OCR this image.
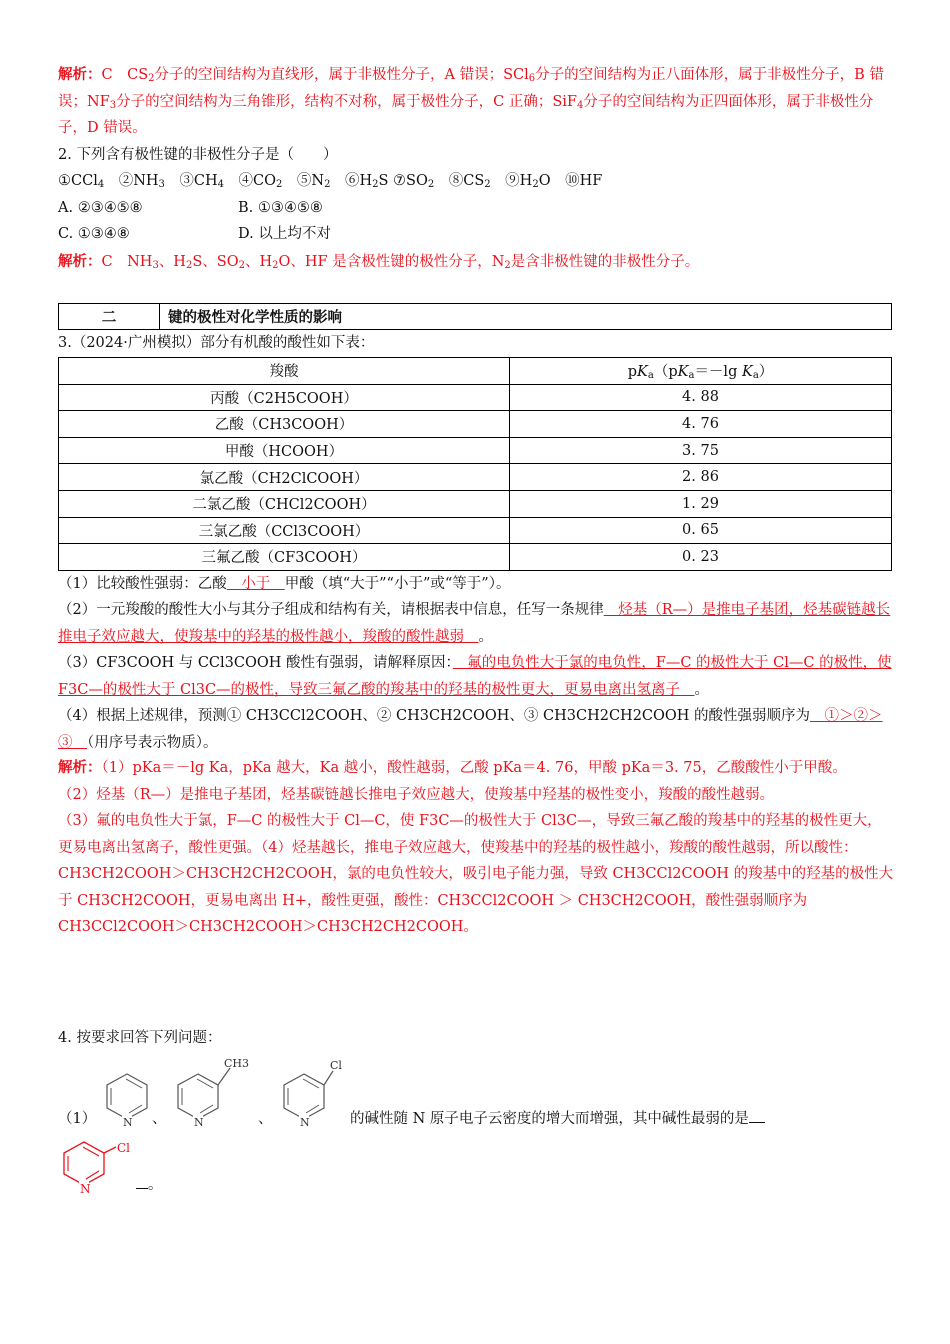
解析：C　$CS_2$分子的空间结构为直线形，属于非极性分子，A 错误；SCl$_6$分子的空间结构为正八面体形，属于非极性分子，B 错误；$NF_3$分子的空间结构为三角锥形，结构不对称，属于极性分子，C 正确；SiF$_4$分子的空间结构为正四面体形，属于非极性分子，D 错误。
2. 下列含有极性键的非极性分子是（　　）
①CCl$_4$　 $②NH_3$　 $③CH_4$　 $④CO_2$　 $⑤N_2$　 $⑥H_2S$ $⑦SO_2$　 $⑧CS_2$　 $⑨H_2O$　⑩HF
A. ②③④⑤⑧	B. ①③④⑤⑧
C. ①③④⑧	D. 以上均不对
解析：C　$NH_3$、$H_2S$、$SO_2$、$H_2O$、HF 是含极性键的极性分子，$N_2$是含非极性键的非极性分子。
二	键的极性对化学性质的影响
3.（2024·广州模拟）部分有机酸的酸性如下表：
羧酸	$pK_a(pK_a=-\lg$ $K_a$）
丙酸（C2H5COOH）	4. 88
乙酸（CH3COOH）	4. 76
甲酸（HCOOH）	3. 75
氯乙酸（CH2ClCOOH）	2. 86
二氯乙酸（CHCl2COOH）	1. 29
三氯乙酸（CCl3COOH）	0. 65
三氟乙酸（CF3COOH）	0. 23
（1）比较酸性强弱：乙酸　小于　甲酸（填“大于”“小于”或“等于”）。
（2）一元羧酸的酸性大小与其分子组成和结构有关，请根据表中信息，任写一条规律　烃基（R—）是推电子基团，烃基碳链越长推电子效应越大，使羧基中的羟基的极性越小，羧酸的酸性越弱　。
（3）CF3COOH 与 CCl3COOH 酸性有强弱，请解释原因：　氟的电负性大于氯的电负性，F—C 的极性大于 Cl—C 的极性，使 F3C—的极性大于 Cl3C—的极性，导致三氟乙酸的羧基中的羟基的极性更大，更易电离出氢离子　。
（4）根据上述规律，预测① CH3CCl2COOH、② CH3CH2COOH、③ CH3CH2CH2COOH 的酸性强弱顺序为　①＞②＞③　（用序号表示物质）。
解析：（1）pKa＝－lg Ka，pKa 越大，Ka 越小，酸性越弱，乙酸 pKa＝4. 76，甲酸 pKa＝3. 75，乙酸酸性小于甲酸。
（2）烃基（R—）是推电子基团，烃基碳链越长推电子效应越大，使羧基中羟基的极性变小，羧酸的酸性越弱。
（3）氟的电负性大于氯，F—C 的极性大于 Cl—C，使 F3C—的极性大于 Cl3C—，导致三氟乙酸的羧基中的羟基的极性更大，更易电离出氢离子，酸性更强。（4）烃基越长，推电子效应越大，使羧基中的羟基的极性越小，羧酸的酸性越弱，所以酸性：CH3CH2COOH＞CH3CH2CH2COOH，氯的电负性较大，吸引电子能力强，导致 CH3CCl2COOH 的羧基中的羟基的极性大于 CH3CH2COOH，更易电离出 H+，酸性更强，酸性：CH3CCl2COOH ＞ CH3CH2COOH，酸性强弱顺序为 CH3CCl2COOH＞CH3CH2COOH＞CH3CH2CH2COOH。
4. 按要求回答下列问题：
（1） N 、
CH3
N	、
Cl
N	的碱性随 N 原子电子云密度的增大而增强，其中碱性最弱的是
Cl
N	。
